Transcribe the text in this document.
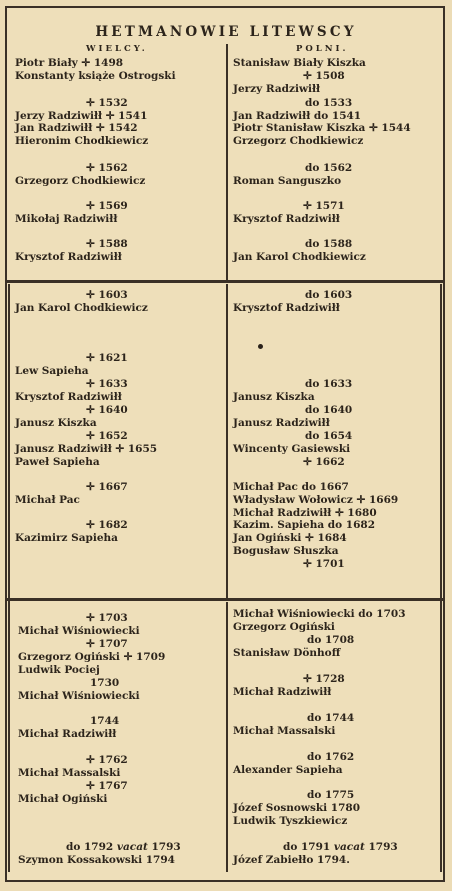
HETMANOWIE LITEWSCY
WIELCY.	POLNI.
Piotr Biały ✛ 1498
Konstanty książe Ostrogski
✛ 1532
Jerzy Radziwiłł ✛ 1541
Jan Radziwiłł ✛ 1542
Hieronim Chodkiewicz
✛ 1562
Grzegorz Chodkiewicz
✛ 1569
Mikołaj Radziwiłł
✛ 1588
Krysztof Radziwiłł
Stanisław Biały Kiszka
✛ 1508
Jerzy Radziwiłł
do 1533
Jan Radziwiłł do 1541
Piotr Stanisław Kiszka ✛ 1544
Grzegorz Chodkiewicz
do 1562
Roman Sanguszko
✛ 1571
Krysztof Radziwiłł
do 1588
Jan Karol Chodkiewicz
✛ 1603
Jan Karol Chodkiewicz
✛ 1621
Lew Sapieha
✛ 1633
Krysztof Radziwiłł
✛ 1640
Janusz Kiszka
✛ 1652
Janusz Radziwiłł ✛ 1655
Paweł Sapieha
✛ 1667
Michał Pac
✛ 1682
Kazimirz Sapieha
do 1603
Krysztof Radziwiłł
do 1633
Janusz Kiszka
do 1640
Janusz Radziwiłł
do 1654
Wincenty Gasiewski
✛ 1662
Michał Pac do 1667
Władysław Wołowicz ✛ 1669
Michał Radziwiłł ✛ 1680
Kazim. Sapieha do 1682
Jan Ogiński ✛ 1684
Bogusław Słuszka
✛ 1701
✛ 1703
Michał Wiśniowiecki
✛ 1707
Grzegorz Ogiński ✛ 1709
Ludwik Pociej
1730
Michał Wiśniowiecki
1744
Michał Radziwiłł
✛ 1762
Michał Massalski
✛ 1767
Michał Ogiński
do 1792 vacat 1793
Szymon Kossakowski 1794
Michał Wiśniowiecki do 1703
Grzegorz Ogiński
do 1708
Stanisław Dönhoff
✛ 1728
Michał Radziwiłł
do 1744
Michał Massalski
do 1762
Alexander Sapieha
do 1775
Józef Sosnowski 1780
Ludwik Tyszkiewicz
do 1791 vacat 1793
Józef Zabiełło 1794.
